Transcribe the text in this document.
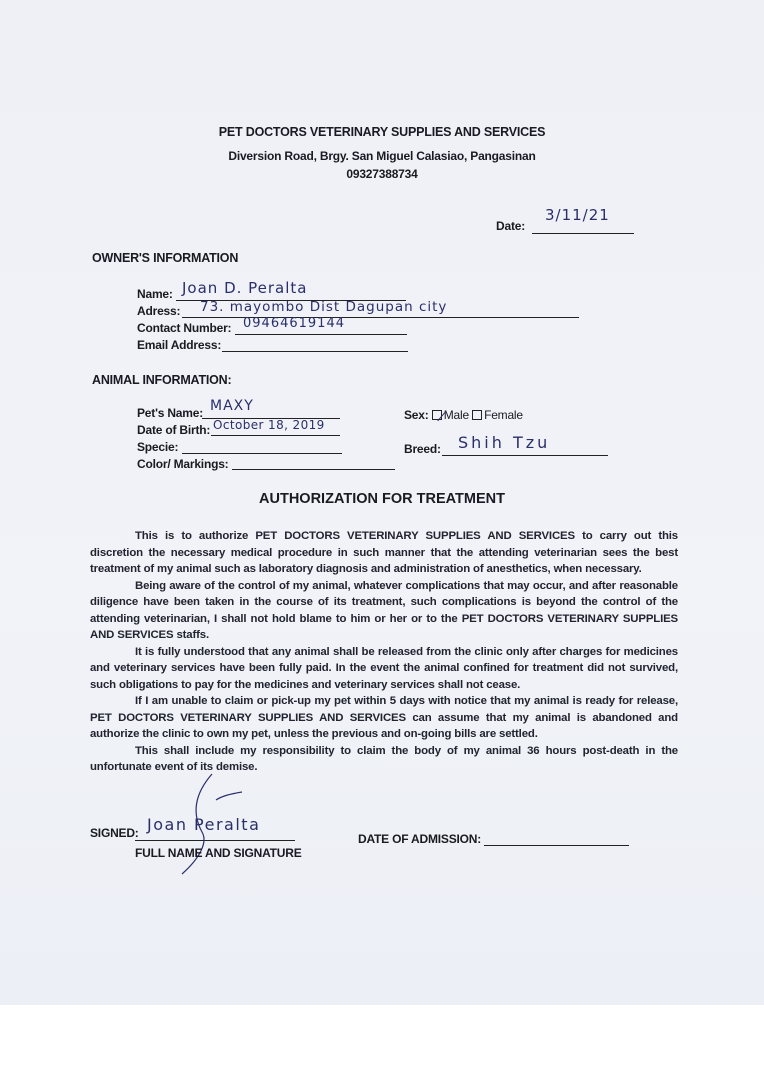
PET DOCTORS VETERINARY SUPPLIES AND SERVICES
Diversion Road, Brgy. San Miguel Calasiao, Pangasinan
09327388734
Date:
3/11/21
OWNER'S INFORMATION
Name: Joan D. Peralta
Adress: 73. mayombo Dist Dagupan city
Contact Number: 09464619144
Email Address:
ANIMAL INFORMATION:
Pet's Name: MAXY
Date of Birth: October 18, 2019
Specie:
Color/ Markings:
Sex: Male Female
Breed: Shih Tzu
AUTHORIZATION FOR TREATMENT

This is to authorize PET DOCTORS VETERINARY SUPPLIES AND SERVICES to carry out this discretion the necessary medical procedure in such manner that the attending veterinarian sees the best treatment of my animal such as laboratory diagnosis and administration of anesthetics, when necessary.

Being aware of the control of my animal, whatever complications that may occur, and after reasonable diligence have been taken in the course of its treatment, such complications is beyond the control of the attending veterinarian, I shall not hold blame to him or her or to the PET DOCTORS VETERINARY SUPPLIES AND SERVICES staffs.

It is fully understood that any animal shall be released from the clinic only after charges for medicines and veterinary services have been fully paid. In the event the animal confined for treatment did not survived, such obligations to pay for the medicines and veterinary services shall not cease.

If I am unable to claim or pick-up my pet within 5 days with notice that my animal is ready for release, PET DOCTORS VETERINARY SUPPLIES AND SERVICES can assume that my animal is abandoned and authorize the clinic to own my pet, unless the previous and on-going bills are settled.

This shall include my responsibility to claim the body of my animal 36 hours post-death in the unfortunate event of its demise.

SIGNED: Joan Peralta
FULL NAME AND SIGNATURE
DATE OF ADMISSION:
